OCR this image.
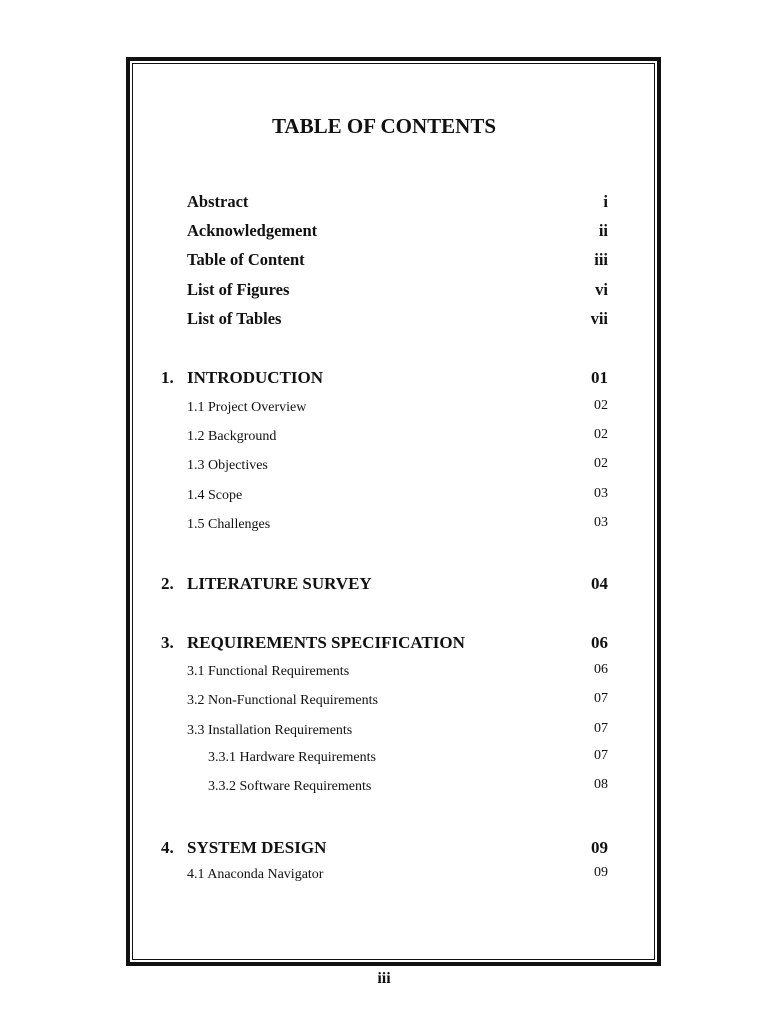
TABLE OF CONTENTS
Abstract	i
Acknowledgement	ii
Table of Content	iii
List of Figures	vi
List of Tables	vii
1. INTRODUCTION	01
1.1 Project Overview	02
1.2 Background	02
1.3 Objectives	02
1.4 Scope	03
1.5 Challenges	03
2. LITERATURE SURVEY	04
3. REQUIREMENTS SPECIFICATION	06
3.1 Functional Requirements	06
3.2 Non-Functional Requirements	07
3.3 Installation Requirements	07
3.3.1 Hardware Requirements	07
3.3.2 Software Requirements	08
4. SYSTEM DESIGN	09
4.1 Anaconda Navigator	09
iii
